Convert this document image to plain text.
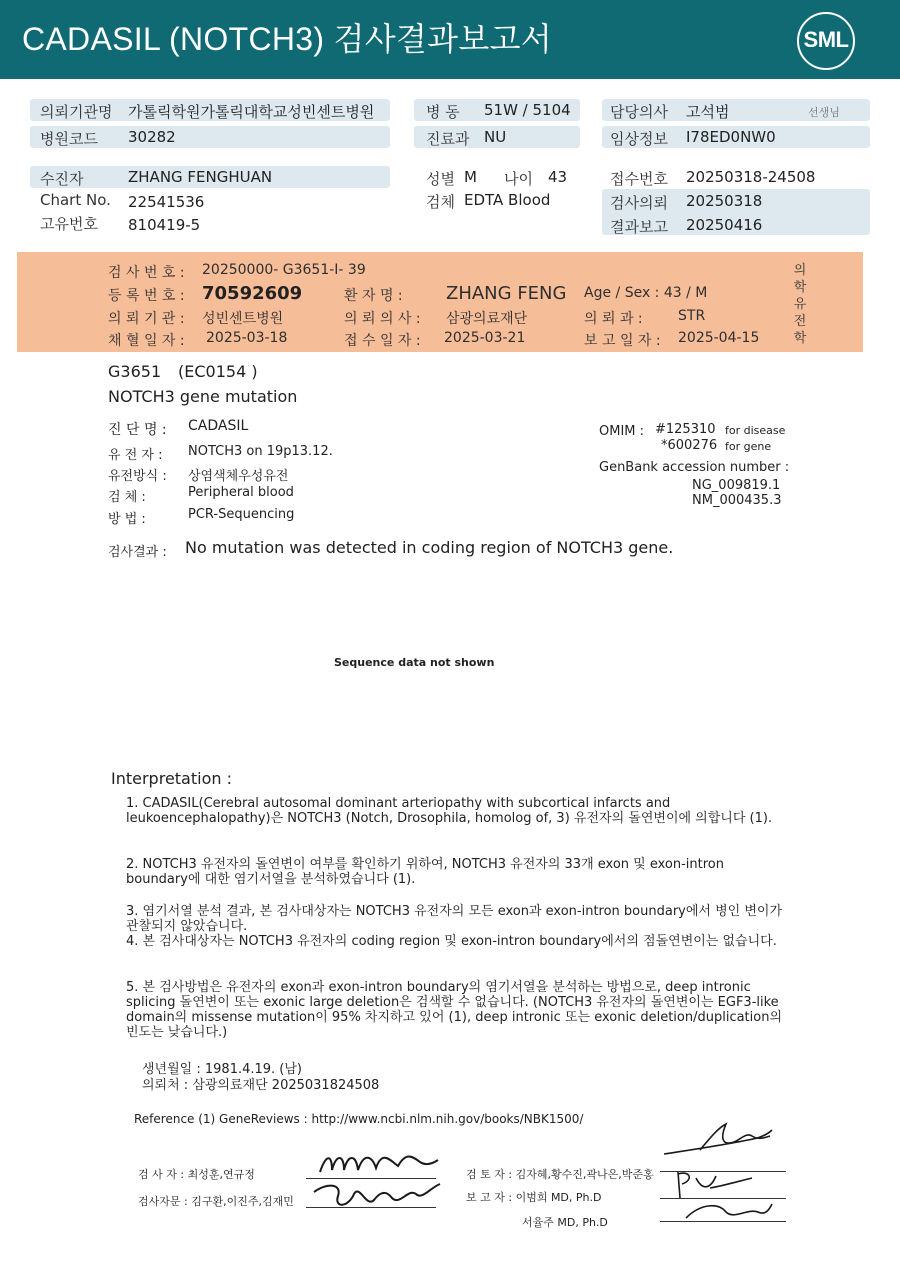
CADASIL (NOTCH3) 검사결과보고서	SML
의뢰기관명 가톨릭학원가톨릭대학교성빈센트병원	병 동 51W / 5104	담당의사 고석범	선생님
병원코드 30282	진료과 NU	임상정보 I78ED0NW0
수진자	ZHANG FENGHUAN	성별 M 나이 43	접수번호 20250318-24508
Chart No. 22541536	검체 EDTA Blood	검사의뢰 20250318
고유번호 810419-5	결과보고 20250416
검 사 번 호 : 20250000- G3651-I- 39
등 록 번 호 : 70592609	환 자 명 : ZHANG FENG Age / Sex : 43 / M
의 뢰 기 관 : 성빈센트병원	의 뢰 의 사 : 삼광의료재단	의 뢰 과 :	STR
채 혈 일 자 : 2025-03-18	접 수 일 자 : 2025-03-21	보 고 일 자 : 2025-04-15
의
학
유
전
학
G3651 (EC0154 )
NOTCH3 gene mutation
진 단 명 : CADASIL
유 전 자 : NOTCH3 on 19p13.12.
유전방식 : 상염색체우성유전
검 체 :	Peripheral blood
방 법 :	PCR-Sequencing
OMIM : #125310 for disease
*600276 for gene
GenBank accession number :
NG_009819.1
NM_000435.3
검사결과 : No mutation was detected in coding region of NOTCH3 gene.
Sequence data not shown
Interpretation :
1. CADASIL(Cerebral autosomal dominant arteriopathy with subcortical infarcts and leukoencephalopathy)은 NOTCH3 (Notch, Drosophila, homolog of, 3) 유전자의 돌연변이에 의합니다 (1).
2. NOTCH3 유전자의 돌연변이 여부를 확인하기 위하여, NOTCH3 유전자의 33개 exon 및 exon-intron boundary에 대한 염기서열을 분석하였습니다 (1).
3. 염기서열 분석 결과, 본 검사대상자는 NOTCH3 유전자의 모든 exon과 exon-intron boundary에서 병인 변이가 관찰되지 않았습니다.
4. 본 검사대상자는 NOTCH3 유전자의 coding region 및 exon-intron boundary에서의 점돌연변이는 없습니다.
5. 본 검사방법은 유전자의 exon과 exon-intron boundary의 염기서열을 분석하는 방법으로, deep intronic splicing 돌연변이 또는 exonic large deletion은 검색할 수 없습니다. (NOTCH3 유전자의 돌연변이는 EGF3-like domain의 missense mutation이 95% 차지하고 있어 (1), deep intronic 또는 exonic deletion/duplication의 빈도는 낮습니다.)
생년월일 : 1981.4.19. (남)
의뢰처 : 삼광의료재단 2025031824508
Reference (1) GeneReviews : http://www.ncbi.nlm.nih.gov/books/NBK1500/
검 사 자 : 최성훈,연규정
검사자문 : 김구환,이진주,김재민
검 토 자 : 김자혜,황수진,곽나은,박준홍
보 고 자 : 이범희 MD, Ph.D
서율주 MD, Ph.D
